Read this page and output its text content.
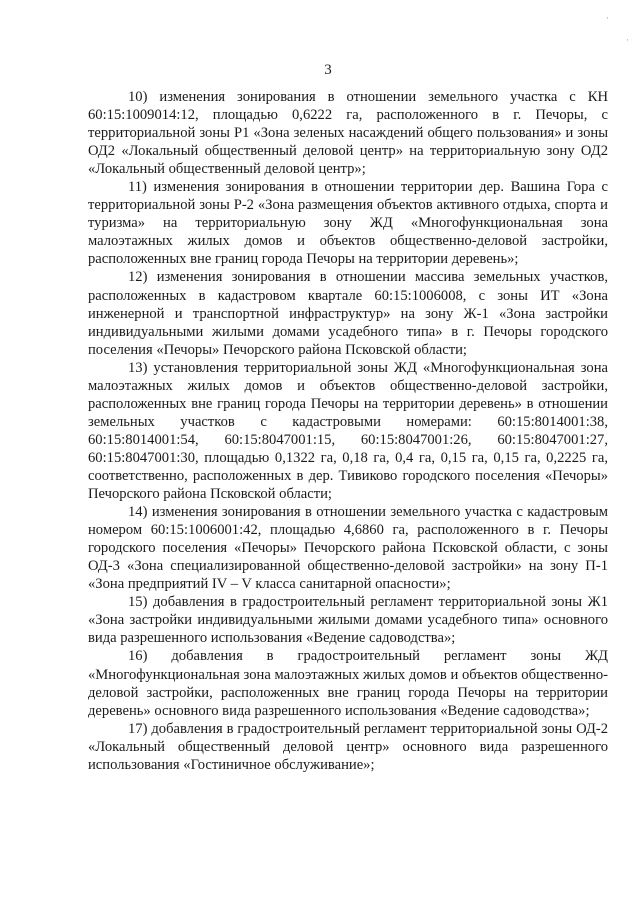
·
·
3

10) изменения зонирования в отношении земельного участка с КН 60:15:1009014:12, площадью 0,6222 га, расположенного в г. Печоры, с территориальной зоны Р1 «Зона зеленых насаждений общего пользования» и зоны ОД2 «Локальный общественный деловой центр» на территориальную зону ОД2 «Локальный общественный деловой центр»;

11) изменения зонирования в отношении территории дер. Вашина Гора с территориальной зоны Р-2 «Зона размещения объектов активного отдыха, спорта и туризма» на территориальную зону ЖД «Многофункциональная зона малоэтажных жилых домов и объектов общественно-деловой застройки, расположенных вне границ города Печоры на территории деревень»;

12) изменения зонирования в отношении массива земельных участков, расположенных в кадастровом квартале 60:15:1006008, с зоны ИТ «Зона инженерной и транспортной инфраструктур» на зону Ж-1 «Зона застройки индивидуальными жилыми домами усадебного типа» в г. Печоры городского поселения «Печоры» Печорского района Псковской области;

13) установления территориальной зоны ЖД «Многофункциональная зона малоэтажных жилых домов и объектов общественно-деловой застройки, расположенных вне границ города Печоры на территории деревень» в отношении земельных участков с кадастровыми номерами: 60:15:8014001:38, 60:15:8014001:54, 60:15:8047001:15, 60:15:8047001:26, 60:15:8047001:27, 60:15:8047001:30, площадью 0,1322 га, 0,18 га, 0,4 га, 0,15 га, 0,15 га, 0,2225 га, соответственно, расположенных в дер. Тивиково городского поселения «Печоры» Печорского района Псковской области;

14) изменения зонирования в отношении земельного участка с кадастровым номером 60:15:1006001:42, площадью 4,6860 га, расположенного в г. Печоры городского поселения «Печоры» Печорского района Псковской области, с зоны ОД-3 «Зона специализированной общественно-деловой застройки» на зону П-1 «Зона предприятий IV – V класса санитарной опасности»;

15) добавления в градостроительный регламент территориальной зоны Ж1 «Зона застройки индивидуальными жилыми домами усадебного типа» основного вида разрешенного использования «Ведение садоводства»;

16) добавления в градостроительный регламент зоны ЖД «Многофункциональная зона малоэтажных жилых домов и объектов общественно-деловой застройки, расположенных вне границ города Печоры на территории деревень» основного вида разрешенного использования «Ведение садоводства»;

17) добавления в градостроительный регламент территориальной зоны ОД-2 «Локальный общественный деловой центр» основного вида разрешенного использования «Гостиничное обслуживание»;
